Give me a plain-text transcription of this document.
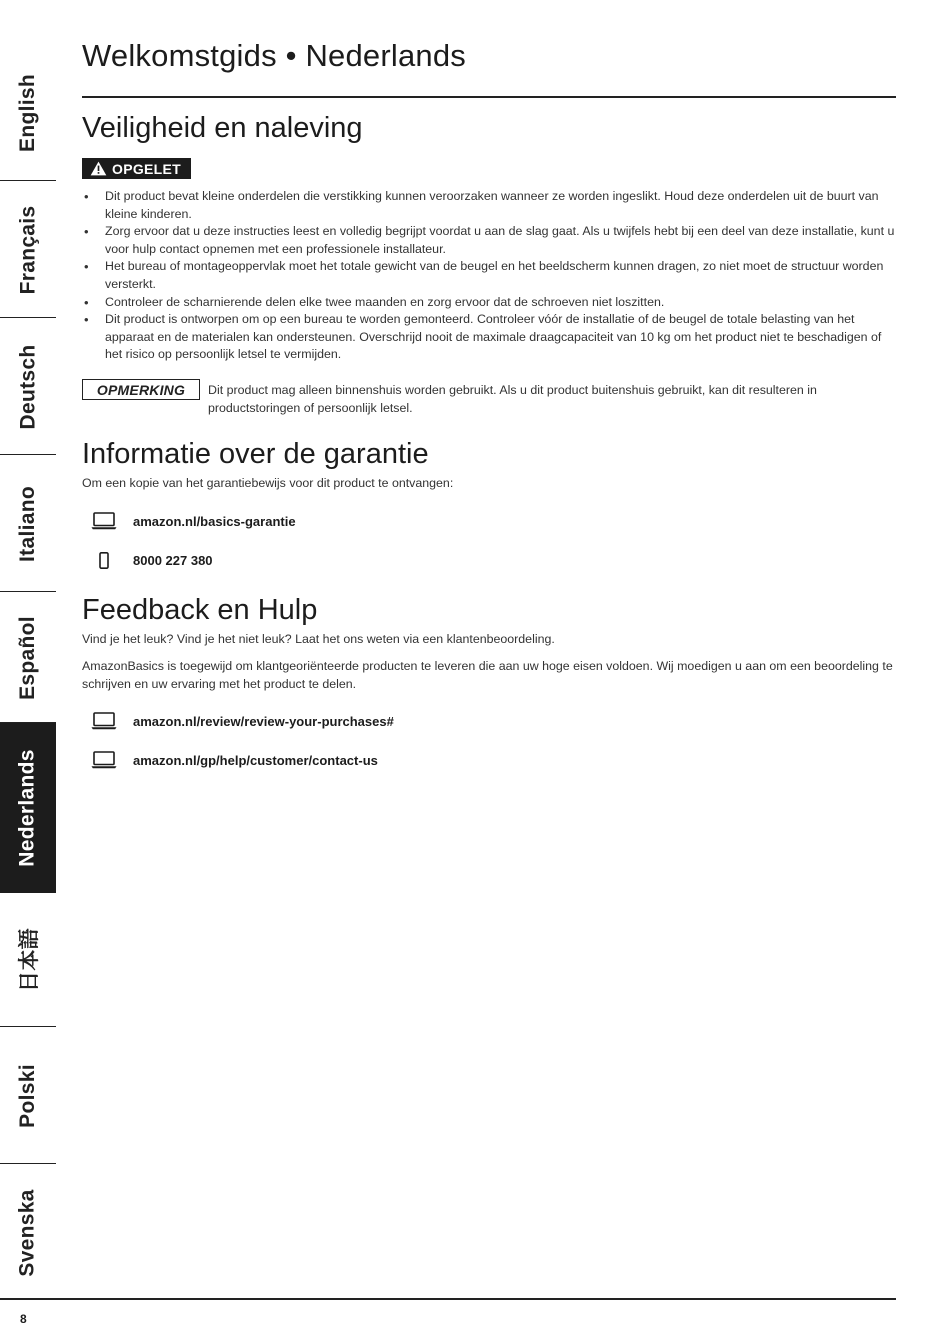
English
Français
Deutsch
Italiano
Español
Nederlands
日本語
Polski
Svenska
Welkomstgids • Nederlands
Veiligheid en naleving
OPGELET
• Dit product bevat kleine onderdelen die verstikking kunnen veroorzaken wanneer ze worden ingeslikt. Houd deze onderdelen uit de buurt van kleine kinderen.
• Zorg ervoor dat u deze instructies leest en volledig begrijpt voordat u aan de slag gaat. Als u twijfels hebt bij een deel van deze installatie, kunt u voor hulp contact opnemen met een professionele installateur.
• Het bureau of montageoppervlak moet het totale gewicht van de beugel en het beeldscherm kunnen dragen, zo niet moet de structuur worden versterkt.
• Controleer de scharnierende delen elke twee maanden en zorg ervoor dat de schroeven niet loszitten.
• Dit product is ontworpen om op een bureau te worden gemonteerd. Controleer vóór de installatie of de beugel de totale belasting van het apparaat en de materialen kan ondersteunen. Overschrijd nooit de maximale draagcapaciteit van 10 kg om het product niet te beschadigen of het risico op persoonlijk letsel te vermijden.
OPMERKING Dit product mag alleen binnenshuis worden gebruikt. Als u dit product buitenshuis gebruikt, kan dit resulteren in productstoringen of persoonlijk letsel.

Informatie over de garantie

Om een kopie van het garantiebewijs voor dit product te ontvangen:

amazon.nl/basics-garantie
8000 227 380
Feedback en Hulp

Vind je het leuk? Vind je het niet leuk? Laat het ons weten via een klantenbeoordeling.

AmazonBasics is toegewijd om klantgeoriënteerde producten te leveren die aan uw hoge eisen voldoen. Wij moedigen u aan om een beoordeling te schrijven en uw ervaring met het product te delen.

amazon.nl/review/review-your-purchases#
amazon.nl/gp/help/customer/contact-us
8
